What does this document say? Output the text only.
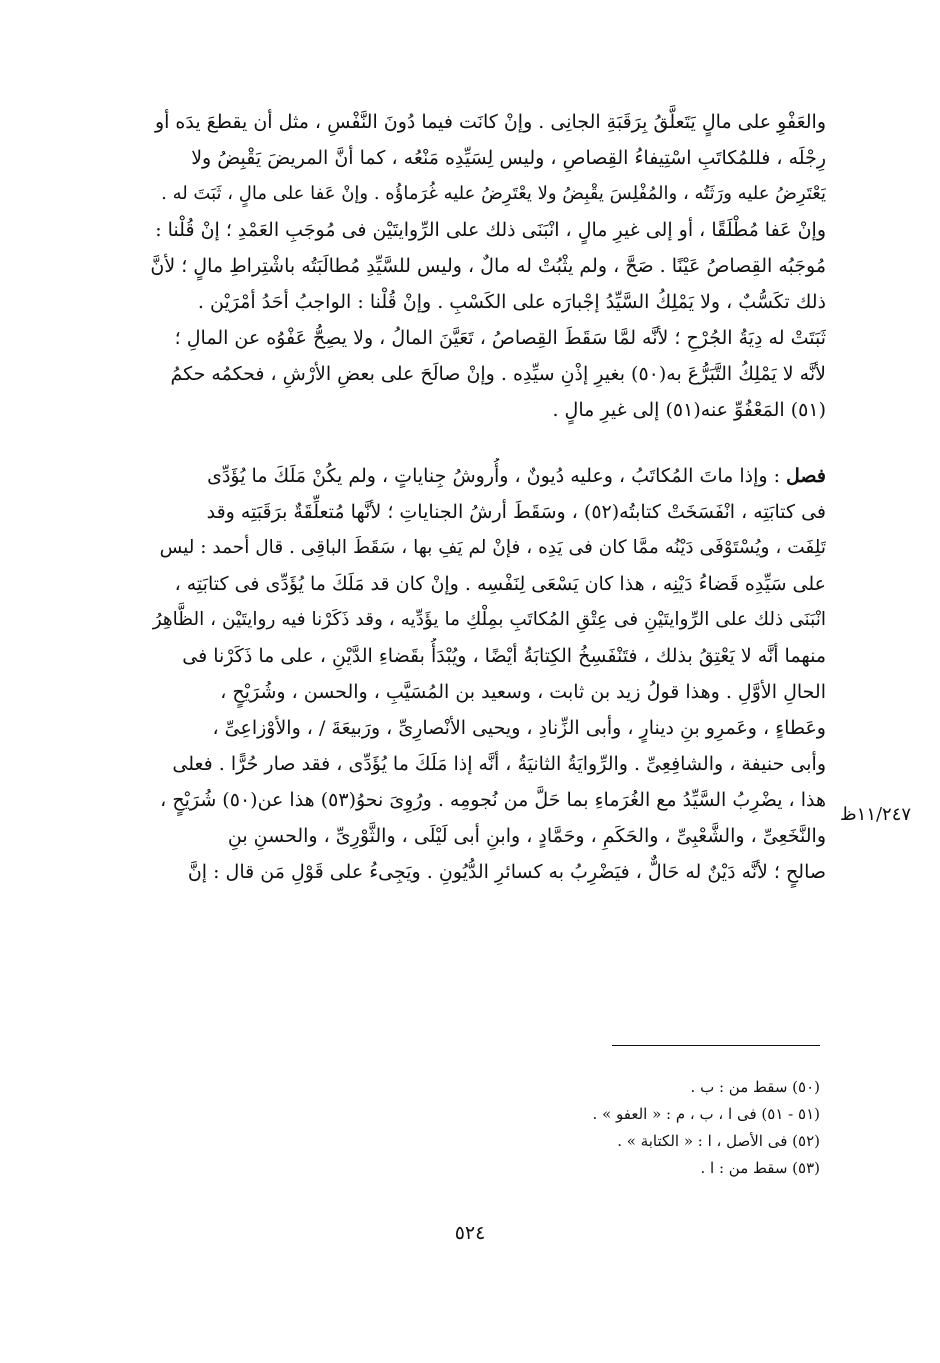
والعَفْوِ على مالٍ يَتَعلَّقُ بِرَقَبَةِ الجانِى . وإنْ كانَت فيما دُونَ النَّفْسِ ، مثل أن يقطعَ يدَه أو
رِجْلَه ، فللمُكاتَبِ اسْتِيفاءُ القِصاصِ ، وليس لِسَيِّدِه مَنْعُه ، كما أنَّ المريضَ يَقْبِضُ ولا
يَعْتَرِضُ عليه ورَثَتُه ، والمُفْلِسَ يقْبِضُ ولا يعْتَرِضُ عليه غُرَماؤُه . وإنْ عَفا على مالٍ ، ثَبَتَ له .
وإنْ عَفا مُطْلَقًا ، أو إلى غيرِ مالٍ ، انْبَنَى ذلك على الرِّوايتَيْن فى مُوجَبِ العَمْدِ ؛ إنْ قُلْنا :
مُوجَبُه القِصاصُ عَيْنًا . صَحَّ ، ولم يثْبُتْ له مالٌ ، وليس للسَّيِّدِ مُطالَبَتُه باشْتِراطِ مالٍ ؛ لأنَّ
ذلك تكَسُّبٌ ، ولا يَمْلِكُ السَّيِّدُ إجْبارَه على الكَسْبِ . وإنْ قُلْنا : الواجبُ أحَدُ أمْرَيْن .
ثَبَتَتْ له دِيَةُ الجُرْحِ ؛ لأنَّه لمَّا سَقَطَ القِصاصُ ، تَعَيَّنَ المالُ ، ولا يصِحُّ عَفْوُه عن المالِ ؛
لأنَّه لا يَمْلِكُ التَّبَرُّعَ به(٥٠) بغيرِ إذْنِ سيِّدِه . وإنْ صالَحَ على بعضِ الأرْشِ ، فحكمُه حكمُ
(٥١) المَعْفُوِّ عنه(٥١) إلى غيرِ مالٍ .
فصل : وإذا ماتَ المُكاتَبُ ، وعليه دُيونٌ ، وأُروشُ جِناياتٍ ، ولم يكُنْ مَلَكَ ما يُؤَدِّى
فى كتابَتِه ، انْفَسَخَتْ كتابتُه(٥٢) ، وسَقَطَ أرشُ الجناياتِ ؛ لأنَّها مُتعلِّقَةٌ برَقَبَتِه وقد
تَلِفَت ، ويُسْتَوْفَى دَيْنُه ممَّا كان فى يَدِه ، فإنْ لم يَفِ بها ، سَقَطَ الباقِى . قال أحمد : ليس
على سَيِّدِه قَضاءُ دَيْنِه ، هذا كان يَسْعَى لِنَفْسِه . وإنْ كان قد مَلَكَ ما يُؤَدِّى فى كتابَتِه ،
انْبَنَى ذلك على الرِّوايتَيْنِ فى عِتْقِ المُكاتَبِ بمِلْكِ ما يؤَدِّيه ، وقد ذَكَرْنا فيه روايتَيْن ، الظَّاهِرُ
منهما أنَّه لا يَعْتِقُ بذلك ، فتَنْفَسِخُ الكِتابَةُ أيْضًا ، ويُبْدَأُ بقَضاءِ الدَّيْنِ ، على ما ذَكَرْنا فى
الحالِ الأوَّلِ . وهذا قولُ زيد بن ثابت ، وسعيد بن المُسَيَّبِ ، والحسن ، وشُرَيْحٍ ،
وعَطاءٍ ، وعَمرِو بنِ دينارٍ ، وأبى الزِّنادِ ، ويحيى الأنْصارِىِّ ، ورَبيعَةَ / ، والأوْزاعِىِّ ،
وأبى حنيفة ، والشافِعِىِّ . والرِّوايَةُ الثانيَةُ ، أنَّه إذا مَلَكَ ما يُؤَدِّى ، فقد صار حُرًّا . فعلى
هذا ، يضْرِبُ السَّيِّدُ مع الغُرَماءِ بما حَلَّ من نُجومِه . ورُوِىَ نحوُ(٥٣) هذا عن(٥٠) شُرَيْحٍ ،
والنَّخَعِىِّ ، والشَّعْبِىِّ ، والحَكَمِ ، وحَمَّادٍ ، وابنِ أبى لَيْلَى ، والثَّوْرِىِّ ، والحسنِ بنِ
صالحٍ ؛ لأنَّه دَيْنٌ له حَالٌّ ، فيَضْرِبُ به كسائرِ الدُّيُونِ . ويَجِىءُ على قَوْلِ مَن قال : إنَّ
١١/٢٤٧ظ
(٥٠) سقط من : ب .
(٥١ - ٥١) فى ا ، ب ، م : « العفو » .
(٥٢) فى الأصل ، ا : « الكتابة » .
(٥٣) سقط من : ا .
٥٢٤
